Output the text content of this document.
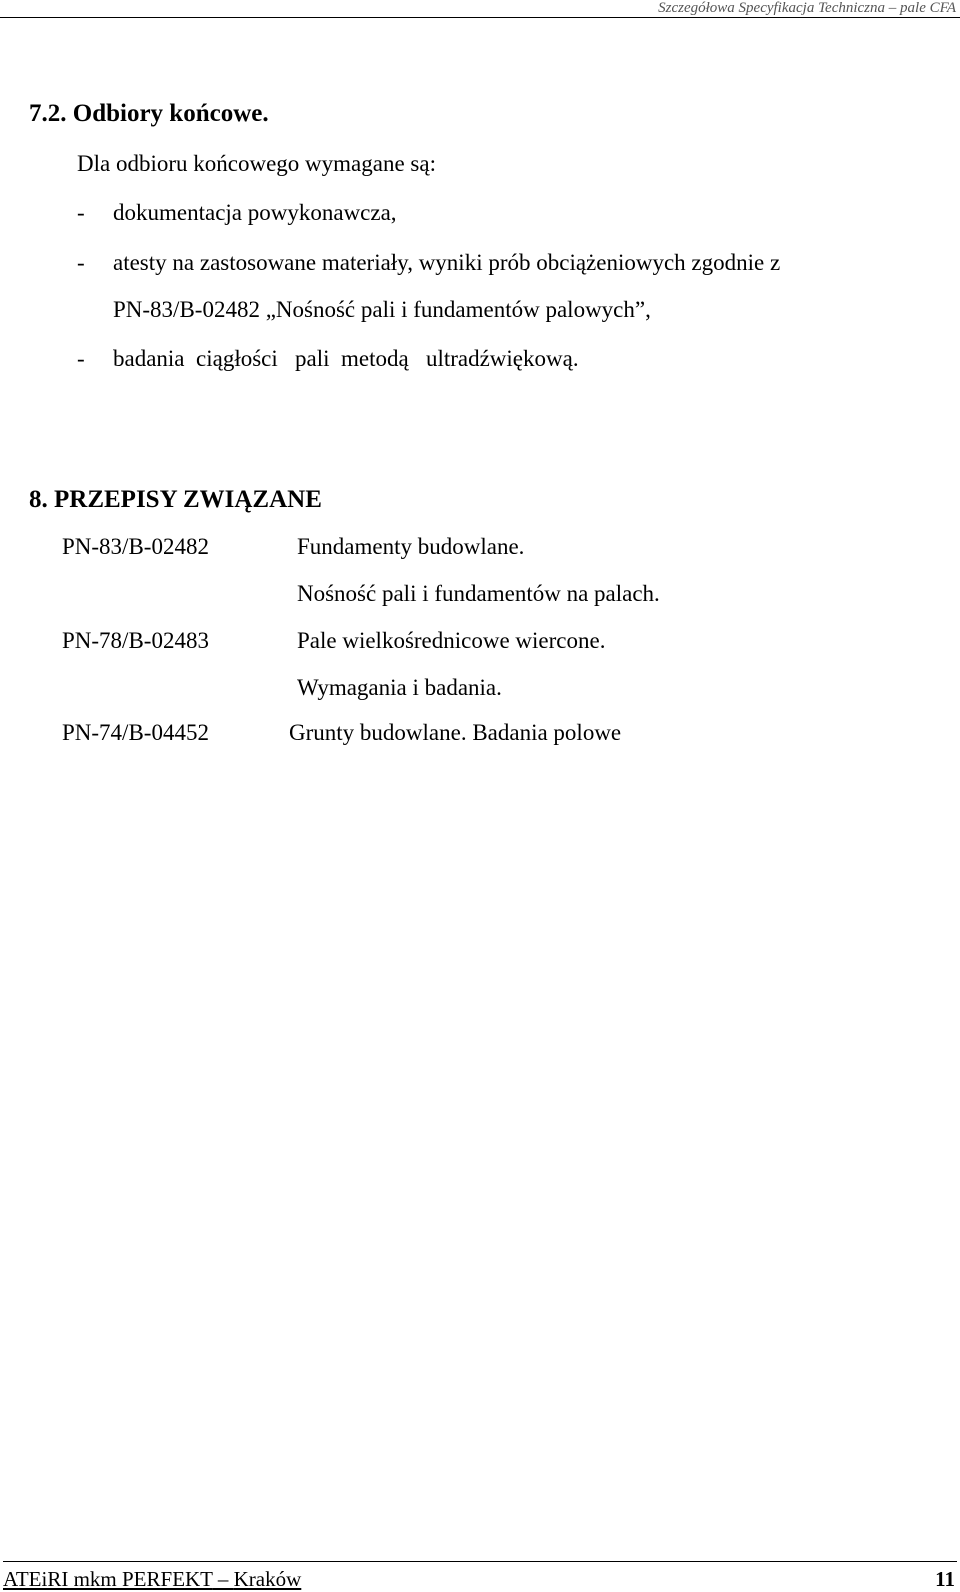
Szczegółowa Specyfikacja Techniczna – pale CFA
7.2. Odbiory końcowe.
Dla odbioru końcowego wymagane są:
- dokumentacja powykonawcza,
- atesty na zastosowane materiały, wyniki prób obciążeniowych zgodnie z
PN-83/B-02482 „Nośność pali i fundamentów palowych”,
- badania  ciągłości   pali  metodą   ultradźwiękową.
8. PRZEPISY ZWIĄZANE
PN-83/B-02482	Fundamenty budowlane.
Nośność pali i fundamentów na palach.
PN-78/B-02483	Pale wielkośrednicowe wiercone.
Wymagania i badania.
PN-74/B-04452	Grunty budowlane. Badania polowe
ATEiRI mkm PERFEKT – Kraków	11
